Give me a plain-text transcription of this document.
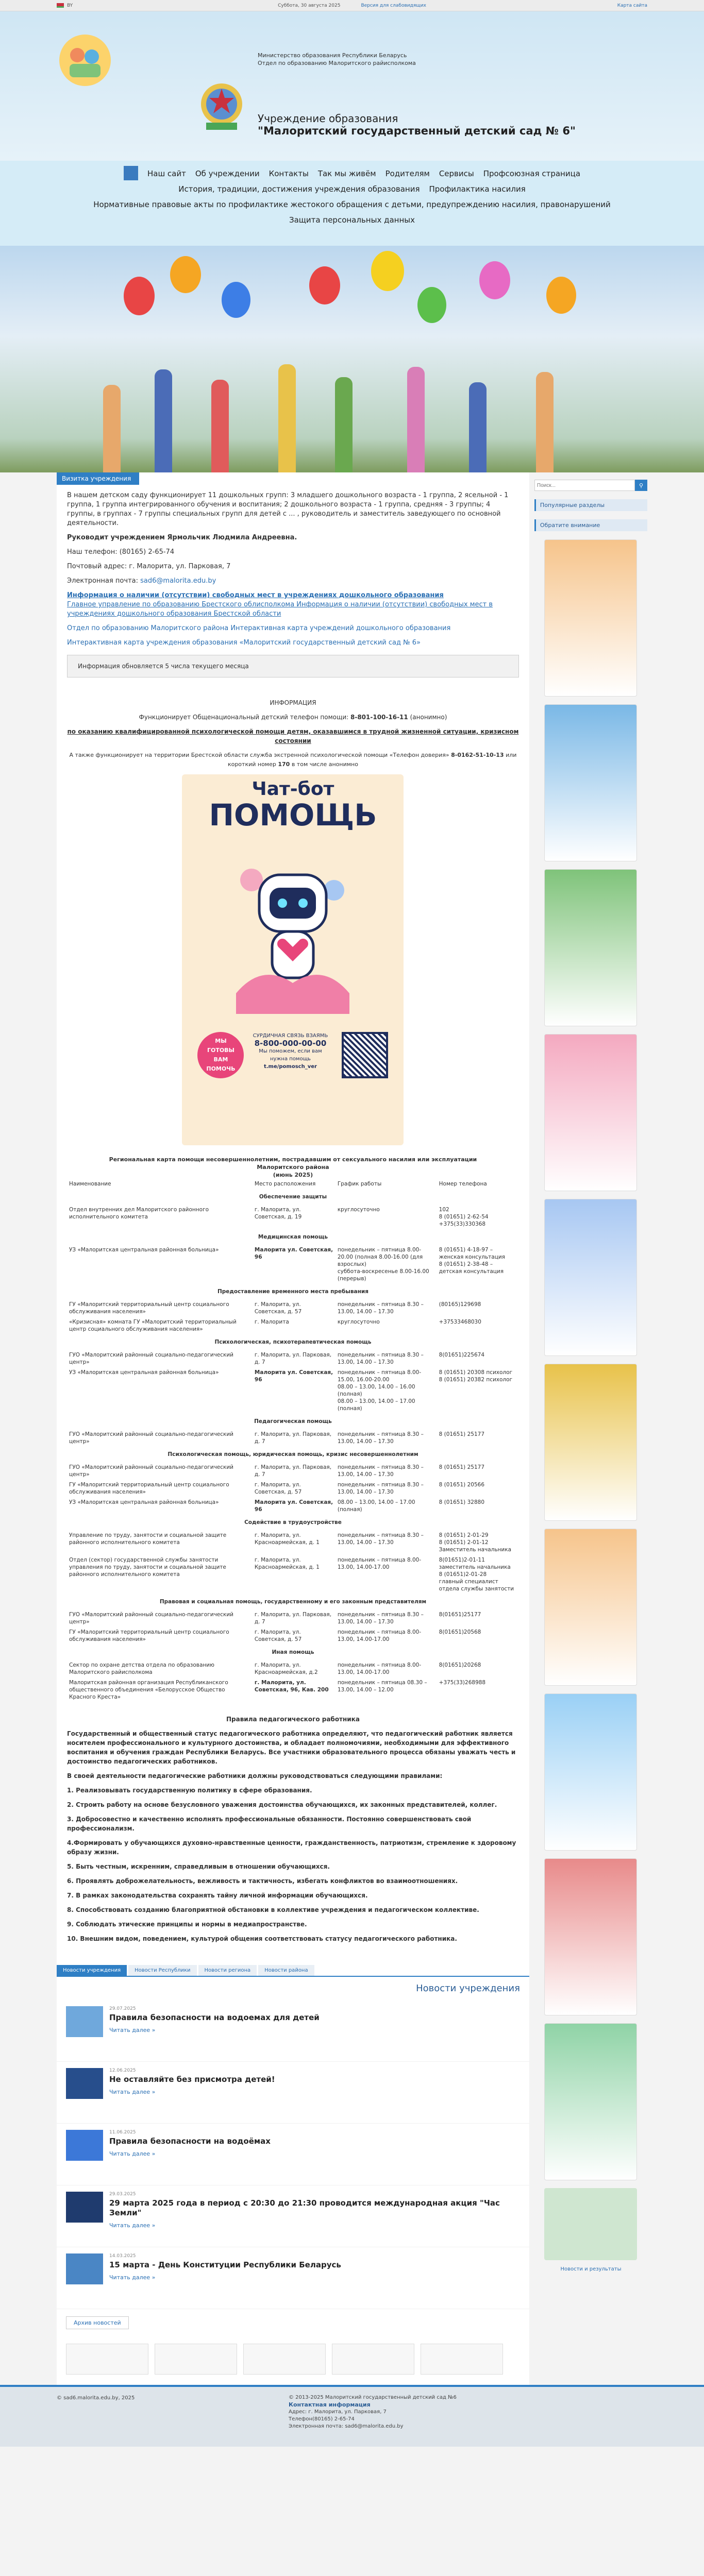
BY	Суббота, 30 августа 2025	Версия для слабовидящих	Карта сайта
Министерство образования Республики Беларусь
Отдел по образованию Малоритского райисполкома
Учреждение образования
"Малоритский государственный детский сад № 6"
Наш сайт Об учреждении Контакты Так мы живём Родителям Сервисы Профсоюзная страница
История, традиции, достижения учреждения образования Профилактика насилия
Нормативные правовые акты по профилактике жестокого обращения с детьми, предупреждению насилия, правонарушений
Защита персональных данных
Визитка учреждения

В нашем детском саду функционирует 11 дошкольных групп: 3 младшего дошкольного возраста - 1 группа, 2 ясельной - 1 группа, 1 группа интегрированного обучения и воспитания; 2 дошкольного возраста - 1 группа, средняя - 3 группы; 4 группы, в группах - 7 группы специальных групп для детей с ... , руководитель и заместитель заведующего по основной деятельности.

Руководит учреждением Ярмольчик Людмила Андреевна.

Наш телефон: (80165) 2-65-74

Почтовый адрес: г. Малорита, ул. Парковая, 7

Электронная почта: sad6@malorita.edu.by

Информация о наличии (отсутствии) свободных мест в учреждениях дошкольного образования
Главное управление по образованию Брестского облисполкома Информация о наличии (отсутствии) свободных мест в учреждениях дошкольного образования Брестской области

Отдел по образованию Малоритского района Интерактивная карта учреждений дошкольного образования

Интерактивная карта учреждения образования «Малоритский государственный детский сад № 6»

Информация обновляется 5 числа текущего месяца

ИНФОРМАЦИЯ

Функционирует Общенациональный детский телефон помощи: 8-801-100-16-11 (анонимно)

по оказанию квалифицированной психологической помощи детям, оказавшимся в трудной жизненной ситуации, кризисном состоянии

А также функционирует на территории Брестской области служба экстренной психологической помощи «Телефон доверия» 8-0162-51-10-13 или короткий номер 170 в том числе анонимно

Чат-бот
ПОМОЩЬ
МЫ ГОТОВЫ ВАМ ПОМОЧЬ
СУРДИЧНАЯ СВЯЗЬ ВЗАЯМЬ
8-800-000-00-00
Мы поможем, если вам нужна помощь
t.me/pomosch_ver
Региональная карта помощи несовершеннолетним, пострадавшим от сексуального насилия или эксплуатации
Малоритского района
(июнь 2025)
Наименование	Место расположения	График работы	Номер телефона
Обеспечение защиты			
Отдел внутренних дел Малоритского районного исполнительного комитета	г. Малорита, ул. Советская, д. 19	круглосуточно	102
8 (01651) 2-62-54
+375(33)330368
Медицинская помощь			
УЗ «Малоритская центральная районная больница»	Малорита ул. Советская, 96	понедельник – пятница 8.00-20.00 (полная 8.00-16.00 (для взрослых)
суббота-воскресенье 8.00-16.00 (перерыв)	8 (01651) 4-18-97 – женская консультация
8 (01651) 2-38-48 – детская консультация
Предоставление временного места пребывания			
ГУ «Малоритский территориальный центр социального обслуживания населения»	г. Малорита, ул. Советская, д. 57	понедельник – пятница 8.30 – 13.00, 14.00 – 17.30	(80165)129698
«Кризисная» комната ГУ «Малоритский территориальный центр социального обслуживания населения»	г. Малорита	круглосуточно	+37533468030
Психологическая, психотерапевтическая помощь			
ГУО «Малоритский районный социально-педагогический центр»	г. Малорита, ул. Парковая, д. 7	понедельник – пятница 8.30 – 13.00, 14.00 – 17.30	8(01651)225674
УЗ «Малоритская центральная районная больница»	Малорита ул. Советская, 96	понедельник – пятница 8.00-15.00, 16.00-20.00
08.00 – 13.00, 14.00 – 16.00 (полная)
08.00 – 13.00, 14.00 – 17.00 (полная)	8 (01651) 20308 психолог
8 (01651) 20382 психолог
Педагогическая помощь			
ГУО «Малоритский районный социально-педагогический центр»	г. Малорита, ул. Парковая, д. 7	понедельник – пятница 8.30 – 13.00, 14.00 – 17.30	8 (01651) 25177
Психологическая помощь, юридическая помощь, кризис несовершеннолетним			
ГУО «Малоритский районный социально-педагогический центр»	г. Малорита, ул. Парковая, д. 7	понедельник – пятница 8.30 – 13.00, 14.00 – 17.30	8 (01651) 25177
ГУ «Малоритский территориальный центр социального обслуживания населения»	г. Малорита, ул. Советская, д. 57	понедельник – пятница 8.30 – 13.00, 14.00 – 17.30	8 (01651) 20566
УЗ «Малоритская центральная районная больница»	Малорита ул. Советская, 96	08.00 – 13.00, 14.00 – 17.00 (полная)	8 (01651) 32880
Содействие в трудоустройстве			
Управление по труду, занятости и социальной защите районного исполнительного комитета	г. Малорита, ул. Красноармейская, д. 1	понедельник – пятница 8.30 – 13.00, 14.00 – 17.30	8 (01651) 2-01-29
8 (01651) 2-01-12
Заместитель начальника
Отдел (сектор) государственной службы занятости управления по труду, занятости и социальной защите районного исполнительного комитета	г. Малорита, ул. Красноармейская, д. 1	понедельник – пятница 8.00-13.00, 14.00-17.00	8(01651)2-01-11
заместитель начальника
8 (01651)2-01-28
главный специалист отдела службы занятости
Правовая и социальная помощь, государственному и его законным представителям			
ГУО «Малоритский районный социально-педагогический центр»	г. Малорита, ул. Парковая, д. 7	понедельник – пятница 8.30 – 13.00, 14.00 – 17.30	8(01651)25177
ГУ «Малоритский территориальный центр социального обслуживания населения»	г. Малорита, ул. Советская, д. 57	понедельник – пятница 8.00-13.00, 14.00-17.00	8(01651)20568
Иная помощь			
Сектор по охране детства отдела по образованию Малоритского райисполкома	г. Малорита, ул. Красноармейская, д.2	понедельник – пятница 8.00-13.00, 14.00-17.00	8(01651)20268
Малоритская районная организация Республиканского общественного объединения «Белорусское Общество Красного Креста»	г. Малорита, ул. Советская, 96, Кав. 200	понедельник – пятница 08.30 – 13.00, 14.00 – 12.00	+375(33)268988

Правила педагогического работника

Государственный и общественный статус педагогического работника определяют, что педагогический работник является носителем профессионального и культурного достоинства, и обладает полномочиями, необходимыми для эффективного воспитания и обучения граждан Республики Беларусь. Все участники образовательного процесса обязаны уважать честь и достоинство педагогических работников.

В своей деятельности педагогические работники должны руководствоваться следующими правилами:

1. Реализовывать государственную политику в сфере образования.

2. Строить работу на основе безусловного уважения достоинства обучающихся, их законных представителей, коллег.

3. Добросовестно и качественно исполнять профессиональные обязанности. Постоянно совершенствовать свой профессионализм.

4.Формировать у обучающихся духовно-нравственные ценности, гражданственность, патриотизм, стремление к здоровому образу жизни.

5. Быть честным, искренним, справедливым в отношении обучающихся.

6. Проявлять доброжелательность, вежливость и тактичность, избегать конфликтов во взаимоотношениях.

7. В рамках законодательства сохранять тайну личной информации обучающихся.

8. Способствовать созданию благоприятной обстановки в коллективе учреждения и педагогическом коллективе.

9. Соблюдать этические принципы и нормы в медиапространстве.

10. Внешним видом, поведением, культурой общения соответствовать статусу педагогического работника.

Новости учреждения	Новости Республики	Новости региона	Новости района
Новости учреждения
29.07.2025
Правила безопасности на водоемах для детей
Читать далее »
12.06.2025
Не оставляйте без присмотра детей!
Читать далее »
11.06.2025
Правила безопасности на водоёмах
Читать далее »
29.03.2025
29 марта 2025 года в период с 20:30 до 21:30 проводится международная акция "Час Земли"
Читать далее »
14.03.2025
15 марта - День Конституции Республики Беларусь
Читать далее »
Архив новостей
Поиск...
⚲
Популярные разделы
Обратите внимание
Новости и результаты
© sad6.malorita.edu.by, 2025	© 2013-2025 Малоритский государственный детский сад №6
Контактная информация
Адрес: г. Малорита, ул. Парковая, 7
Телефон(80165) 2-65-74
Электронная почта: sad6@malorita.edu.by
